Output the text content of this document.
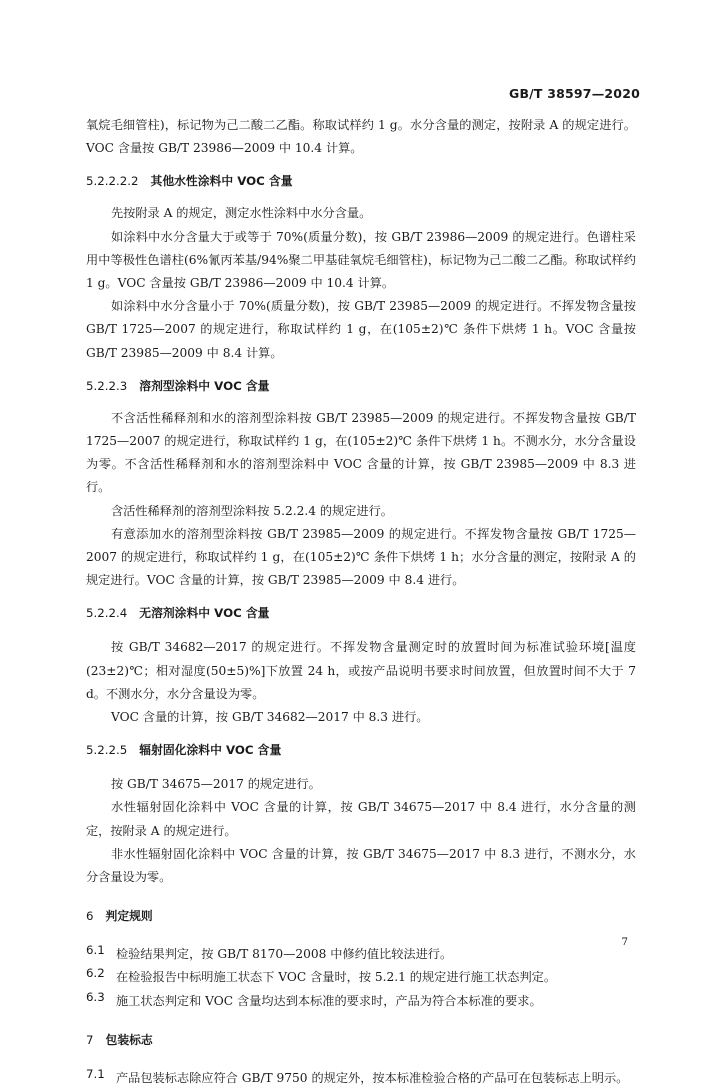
GB/T 38597—2020

氧烷毛细管柱)，标记物为己二酸二乙酯。称取试样约 1 g。水分含量的测定，按附录 A 的规定进行。VOC 含量按 GB/T 23986—2009 中 10.4 计算。

5.2.2.2.2 其他水性涂料中 VOC 含量

先按附录 A 的规定，测定水性涂料中水分含量。

如涂料中水分含量大于或等于 70%(质量分数)，按 GB/T 23986—2009 的规定进行。色谱柱采用中等极性色谱柱(6%氰丙苯基/94%聚二甲基硅氧烷毛细管柱)，标记物为己二酸二乙酯。称取试样约 1 g。VOC 含量按 GB/T 23986—2009 中 10.4 计算。

如涂料中水分含量小于 70%(质量分数)，按 GB/T 23985—2009 的规定进行。不挥发物含量按 GB/T 1725—2007 的规定进行，称取试样约 1 g，在(105±2)℃ 条件下烘烤 1 h。VOC 含量按 GB/T 23985—2009 中 8.4 计算。

5.2.2.3 溶剂型涂料中 VOC 含量

不含活性稀释剂和水的溶剂型涂料按 GB/T 23985—2009 的规定进行。不挥发物含量按 GB/T 1725—2007 的规定进行，称取试样约 1 g，在(105±2)℃ 条件下烘烤 1 h。不测水分，水分含量设为零。不含活性稀释剂和水的溶剂型涂料中 VOC 含量的计算，按 GB/T 23985—2009 中 8.3 进行。

含活性稀释剂的溶剂型涂料按 5.2.2.4 的规定进行。

有意添加水的溶剂型涂料按 GB/T 23985—2009 的规定进行。不挥发物含量按 GB/T 1725—2007 的规定进行，称取试样约 1 g，在(105±2)℃ 条件下烘烤 1 h；水分含量的测定，按附录 A 的规定进行。VOC 含量的计算，按 GB/T 23985—2009 中 8.4 进行。

5.2.2.4 无溶剂涂料中 VOC 含量

按 GB/T 34682—2017 的规定进行。不挥发物含量测定时的放置时间为标准试验环境[温度(23±2)℃；相对湿度(50±5)%]下放置 24 h，或按产品说明书要求时间放置，但放置时间不大于 7 d。不测水分，水分含量设为零。

VOC 含量的计算，按 GB/T 34682—2017 中 8.3 进行。

5.2.2.5 辐射固化涂料中 VOC 含量

按 GB/T 34675—2017 的规定进行。

水性辐射固化涂料中 VOC 含量的计算，按 GB/T 34675—2017 中 8.4 进行，水分含量的测定，按附录 A 的规定进行。

非水性辐射固化涂料中 VOC 含量的计算，按 GB/T 34675—2017 中 8.3 进行，不测水分，水分含量设为零。

6 判定规则
6.1 检验结果判定，按 GB/T 8170—2008 中修约值比较法进行。

6.2 在检验报告中标明施工状态下 VOC 含量时，按 5.2.1 的规定进行施工状态判定。

6.3 施工状态判定和 VOC 含量均达到本标准的要求时，产品为符合本标准的要求。

7 包装标志
7.1 产品包装标志除应符合 GB/T 9750 的规定外，按本标准检验合格的产品可在包装标志上明示。

7
